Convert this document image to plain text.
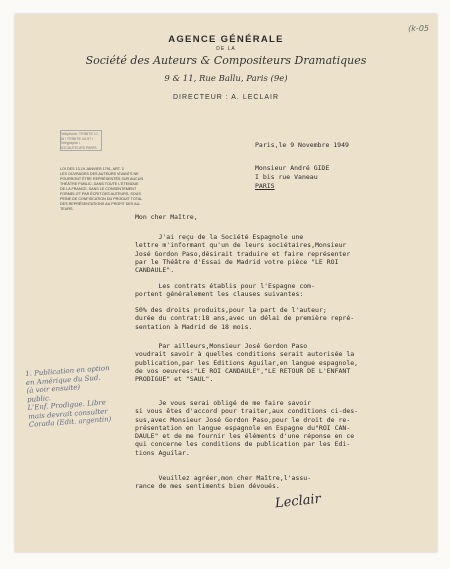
(k-05
AGENCE GÉNÉRALE
DE LA
Société des Auteurs & Compositeurs Dramatiques
9 & 11, Rue Ballu, Paris (9e)
DIRECTEUR : A. LECLAIR
Téléphone: TRINITE 17-28 / TRINITE 44-97 / Télégraphe / SOCAUTEURS PARIS
LOI DES 13-19 JANVIER 1791, ART. 3
LES OUVRAGES DES AUTEURS VIVANTS NE
POURRONT ÊTRE REPRÉSENTÉS SUR AUCUN
THÉÂTRE PUBLIC, DANS TOUTE L'ÉTENDUE
DE LA FRANCE, SANS LE CONSENTEMENT
FORMEL ET PAR ÉCRIT DES AUTEURS, SOUS
PEINE DE CONFISCATION DU PRODUIT TOTAL
DES REPRÉSENTATIONS AU PROFIT DES AU-
TEURS.
Paris,le 9 Novembre 1949
Monsieur André GIDE
I bis rue Vaneau
PARIS
Mon cher Maître,
J'ai reçu de la Société Espagnole une
lettre m'informant qu'un de leurs sociétaires,Monsieur
José Gordon Paso,désirait traduire et faire représenter
par le Théâtre d'Essai de Madrid votre pièce "LE ROI
CANDAULE".
Les contrats établis pour l'Espagne com-
portent généralement les clauses suivantes:
50% des droits produits,pour la part de l'auteur;
durée du contrat:18 ans,avec un délai de première repré-
sentation à Madrid de 18 mois.
Par ailleurs,Monsieur José Gordon Paso
voudrait savoir à quelles conditions serait autorisée la
publication,par les Editions Aguilar,en langue espagnole,
de vos oeuvres:"LE ROI CANDAULE","LE RETOUR DE L'ENFANT
PRODIGUE" et "SAUL".
Je vous serai obligé de me faire savoir
si vous êtes d'accord pour traiter,aux conditions ci-des-
sus,avec Monsieur José Gordon Paso,pour le droit de re-
présentation en langue espagnole en Espagne du"ROI CAN-
DAULE" et de me fournir les éléments d'une réponse en ce
qui concerne les conditions de publication par les Edi-
tions Aguilar.
Veuillez agréer,mon cher Maître,l'assu-
rance de mes sentiments bien dévoués.
1. Publication en option
en Amérique du Sud.
(à voir ensuite)
public.
L'Enf. Prodigue. Libre
mais devrait consulter
Corada (Edit. argentin)
Leclair
